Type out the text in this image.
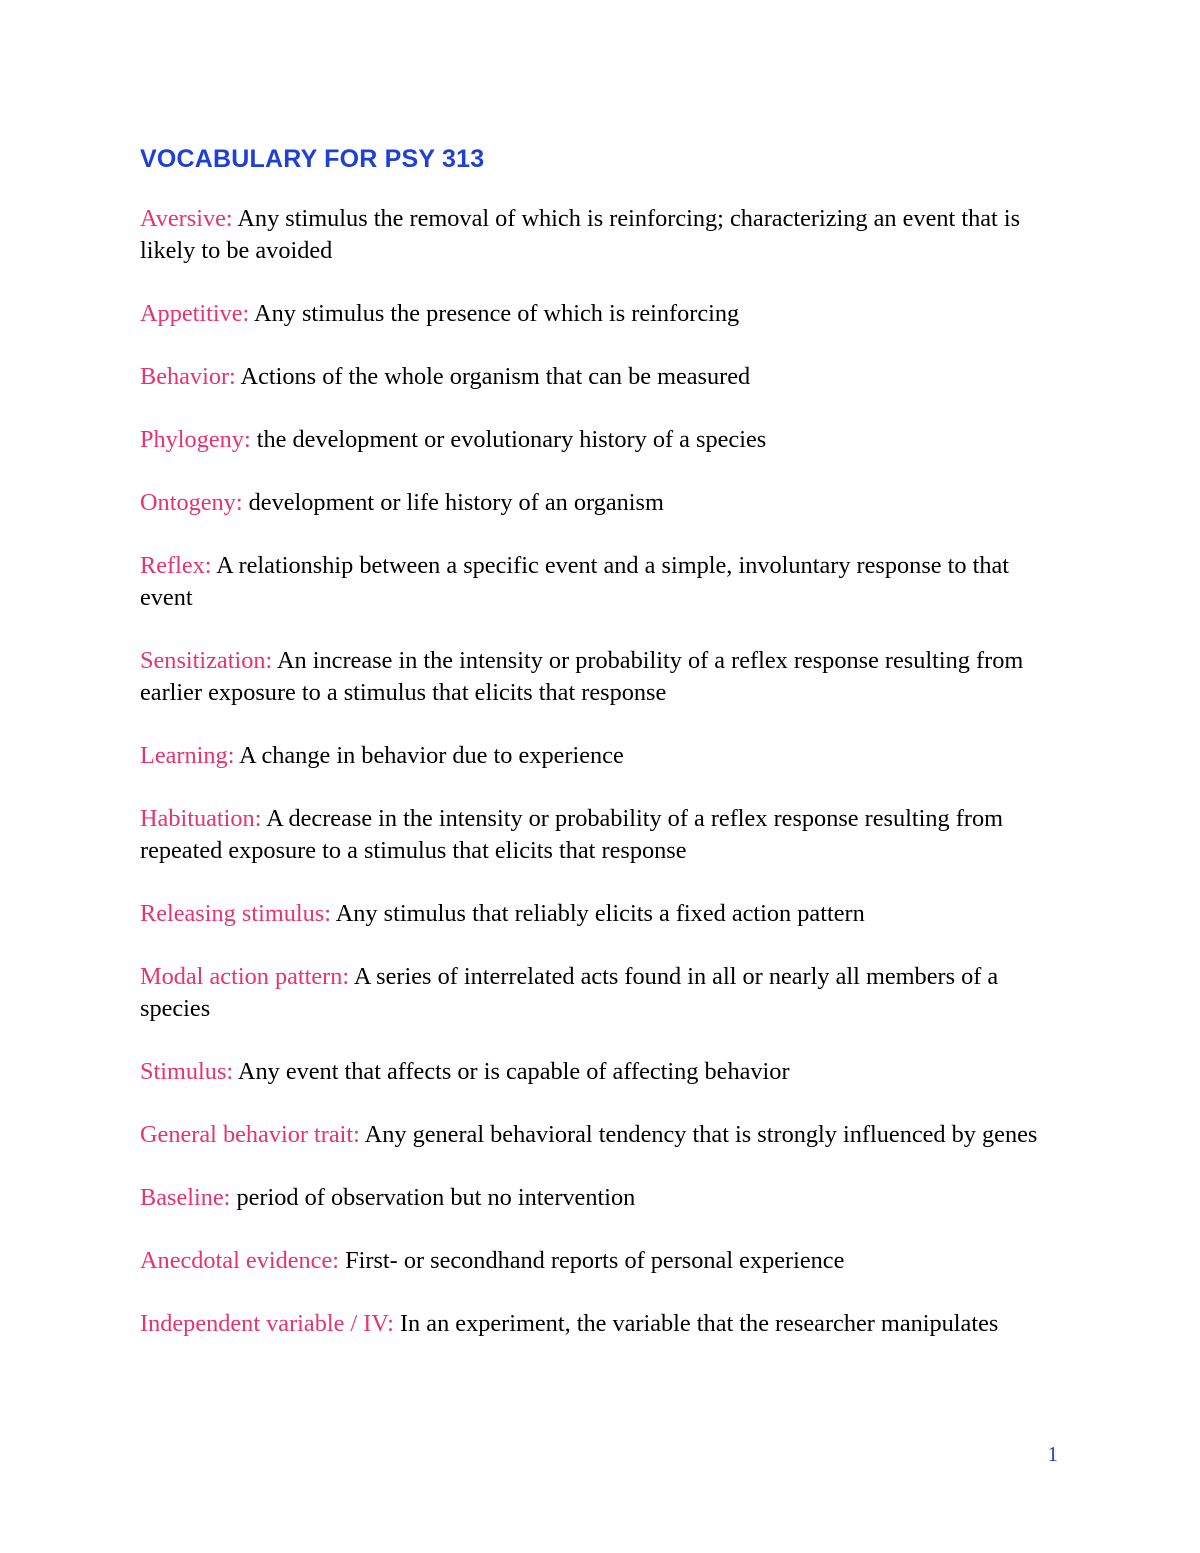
VOCABULARY FOR PSY 313
Aversive: Any stimulus the removal of which is reinforcing; characterizing an event that is likely to be avoided
Appetitive: Any stimulus the presence of which is reinforcing
Behavior: Actions of the whole organism that can be measured
Phylogeny: the development or evolutionary history of a species
Ontogeny: development or life history of an organism
Reflex: A relationship between a specific event and a simple, involuntary response to that event
Sensitization: An increase in the intensity or probability of a reflex response resulting from earlier exposure to a stimulus that elicits that response
Learning: A change in behavior due to experience
Habituation: A decrease in the intensity or probability of a reflex response resulting from repeated exposure to a stimulus that elicits that response
Releasing stimulus: Any stimulus that reliably elicits a fixed action pattern
Modal action pattern: A series of interrelated acts found in all or nearly all members of a species
Stimulus: Any event that affects or is capable of affecting behavior
General behavior trait: Any general behavioral tendency that is strongly influenced by genes
Baseline: period of observation but no intervention
Anecdotal evidence: First- or secondhand reports of personal experience
Independent variable / IV: In an experiment, the variable that the researcher manipulates
1
